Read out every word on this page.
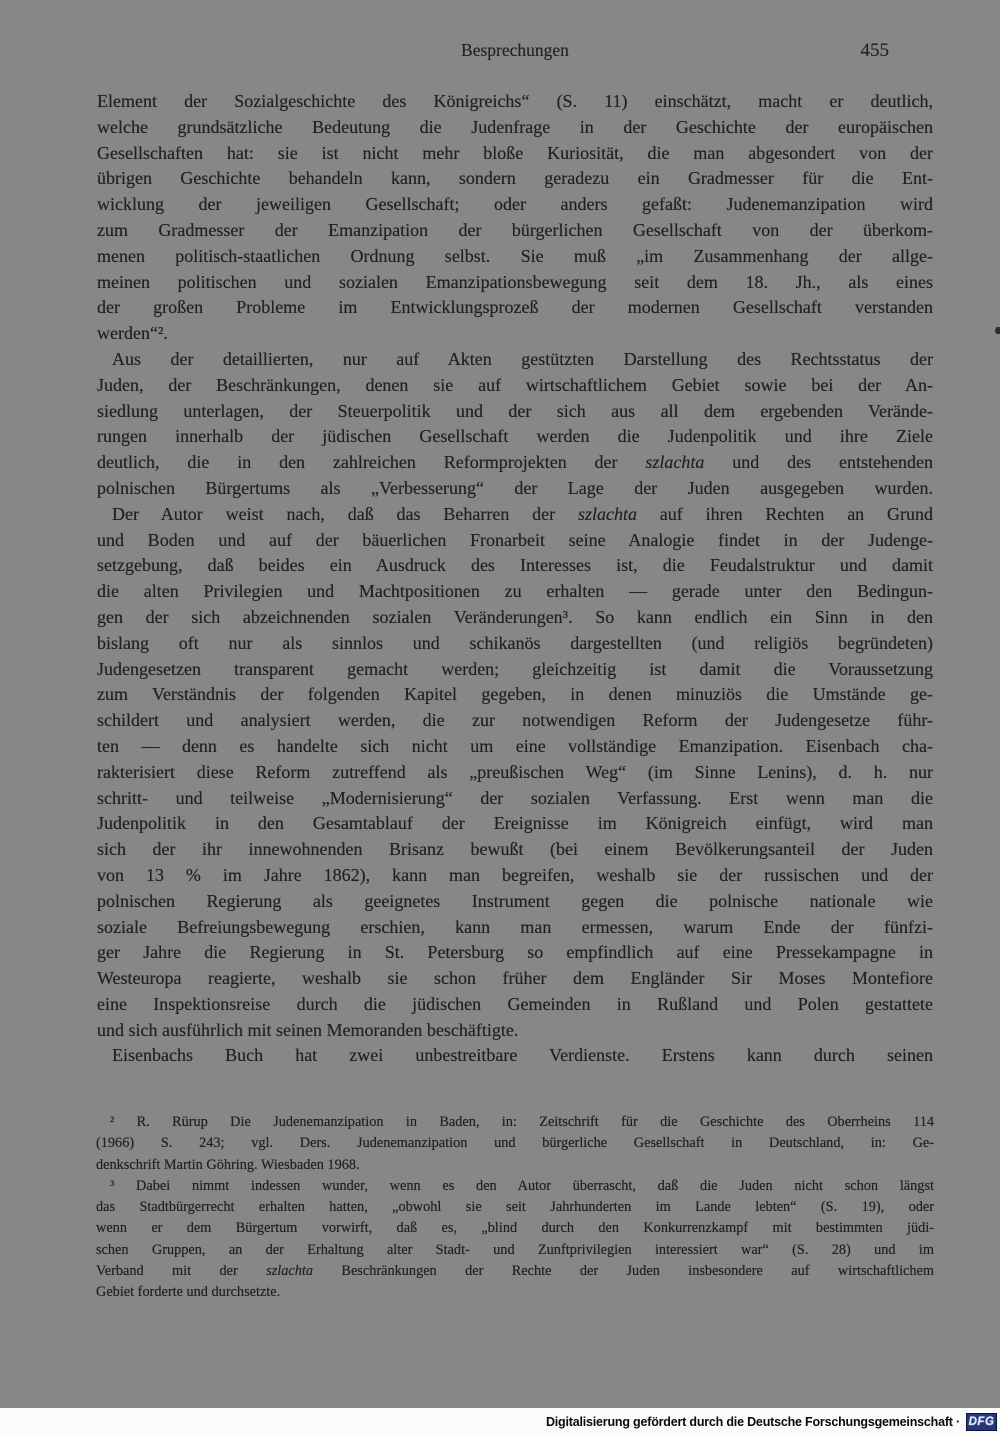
Besprechungen	455
Element der Sozialgeschichte des Königreichs“ (S. 11) einschätzt, macht er deutlich,
welche grundsätzliche Bedeutung die Judenfrage in der Geschichte der europäischen
Gesellschaften hat: sie ist nicht mehr bloße Kuriosität, die man abgesondert von der
übrigen Geschichte behandeln kann, sondern geradezu ein Gradmesser für die Ent-
wicklung der jeweiligen Gesellschaft; oder anders gefaßt: Judenemanzipation wird
zum Gradmesser der Emanzipation der bürgerlichen Gesellschaft von der überkom-
menen politisch-staatlichen Ordnung selbst. Sie muß „im Zusammenhang der allge-
meinen politischen und sozialen Emanzipationsbewegung seit dem 18. Jh., als eines
der großen Probleme im Entwicklungsprozeß der modernen Gesellschaft verstanden
werden“².
Aus der detaillierten, nur auf Akten gestützten Darstellung des Rechtsstatus der
Juden, der Beschränkungen, denen sie auf wirtschaftlichem Gebiet sowie bei der An-
siedlung unterlagen, der Steuerpolitik und der sich aus all dem ergebenden Verände-
rungen innerhalb der jüdischen Gesellschaft werden die Judenpolitik und ihre Ziele
deutlich, die in den zahlreichen Reformprojekten der szlachta und des entstehenden
polnischen Bürgertums als „Verbesserung“ der Lage der Juden ausgegeben wurden.
Der Autor weist nach, daß das Beharren der szlachta auf ihren Rechten an Grund
und Boden und auf der bäuerlichen Fronarbeit seine Analogie findet in der Judenge-
setzgebung, daß beides ein Ausdruck des Interesses ist, die Feudalstruktur und damit
die alten Privilegien und Machtpositionen zu erhalten — gerade unter den Bedingun-
gen der sich abzeichnenden sozialen Veränderungen³. So kann endlich ein Sinn in den
bislang oft nur als sinnlos und schikanös dargestellten (und religiös begründeten)
Judengesetzen transparent gemacht werden; gleichzeitig ist damit die Voraussetzung
zum Verständnis der folgenden Kapitel gegeben, in denen minuziös die Umstände ge-
schildert und analysiert werden, die zur notwendigen Reform der Judengesetze führ-
ten — denn es handelte sich nicht um eine vollständige Emanzipation. Eisenbach cha-
rakterisiert diese Reform zutreffend als „preußischen Weg“ (im Sinne Lenins), d. h. nur
schritt- und teilweise „Modernisierung“ der sozialen Verfassung. Erst wenn man die
Judenpolitik in den Gesamtablauf der Ereignisse im Königreich einfügt, wird man
sich der ihr innewohnenden Brisanz bewußt (bei einem Bevölkerungsanteil der Juden
von 13 % im Jahre 1862), kann man begreifen, weshalb sie der russischen und der
polnischen Regierung als geeignetes Instrument gegen die polnische nationale wie
soziale Befreiungsbewegung erschien, kann man ermessen, warum Ende der fünfzi-
ger Jahre die Regierung in St. Petersburg so empfindlich auf eine Pressekampagne in
Westeuropa reagierte, weshalb sie schon früher dem Engländer Sir Moses Montefiore
eine Inspektionsreise durch die jüdischen Gemeinden in Rußland und Polen gestattete
und sich ausführlich mit seinen Memoranden beschäftigte.
Eisenbachs Buch hat zwei unbestreitbare Verdienste. Erstens kann durch seinen
² R. Rürup Die Judenemanzipation in Baden, in: Zeitschrift für die Geschichte des Oberrheins 114
(1966) S. 243; vgl. Ders. Judenemanzipation und bürgerliche Gesellschaft in Deutschland, in: Ge-
denkschrift Martin Göhring. Wiesbaden 1968.
³ Dabei nimmt indessen wunder, wenn es den Autor überrascht, daß die Juden nicht schon längst
das Stadtbürgerrecht erhalten hatten, „obwohl sie seit Jahrhunderten im Lande lebten“ (S. 19), oder
wenn er dem Bürgertum vorwirft, daß es, „blind durch den Konkurrenzkampf mit bestimmten jüdi-
schen Gruppen, an der Erhaltung alter Stadt- und Zunftprivilegien interessiert war“ (S. 28) und im
Verband mit der szlachta Beschränkungen der Rechte der Juden insbesondere auf wirtschaftlichem
Gebiet forderte und durchsetzte.
Digitalisierung gefördert durch die Deutsche Forschungsgemeinschaft · DFG
